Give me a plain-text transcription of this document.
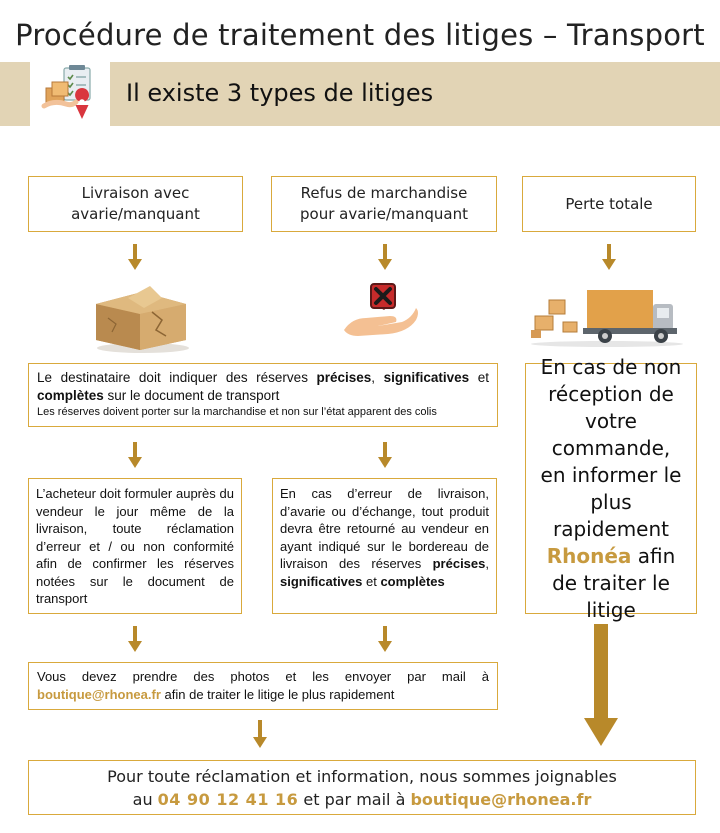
Procédure de traitement des litiges – Transport
Il existe 3 types de litiges
Livraison avec
avarie/manquant
Refus de marchandise
pour avarie/manquant
Perte totale
Le destinataire doit indiquer des réserves précises, significatives et complètes sur le document de transport
Les réserves doivent porter sur la marchandise et non sur l’état apparent des colis
En cas de non réception de votre commande, en informer le plus rapidement Rhonéa afin de traiter le litige
L’acheteur doit formuler auprès du vendeur le jour même de la livraison, toute réclamation d’erreur et / ou non conformité afin de confirmer les réserves notées sur le document de transport
En cas d’erreur de livraison, d’avarie ou d’échange, tout produit devra être retourné au vendeur en ayant indiqué sur le bordereau de livraison des réserves précises, significatives et complètes
Vous devez prendre des photos et les envoyer par mail à boutique@rhonea.fr afin de traiter le litige le plus rapidement
Pour toute réclamation et information, nous sommes joignables
au 04 90 12 41 16 et par mail à boutique@rhonea.fr
